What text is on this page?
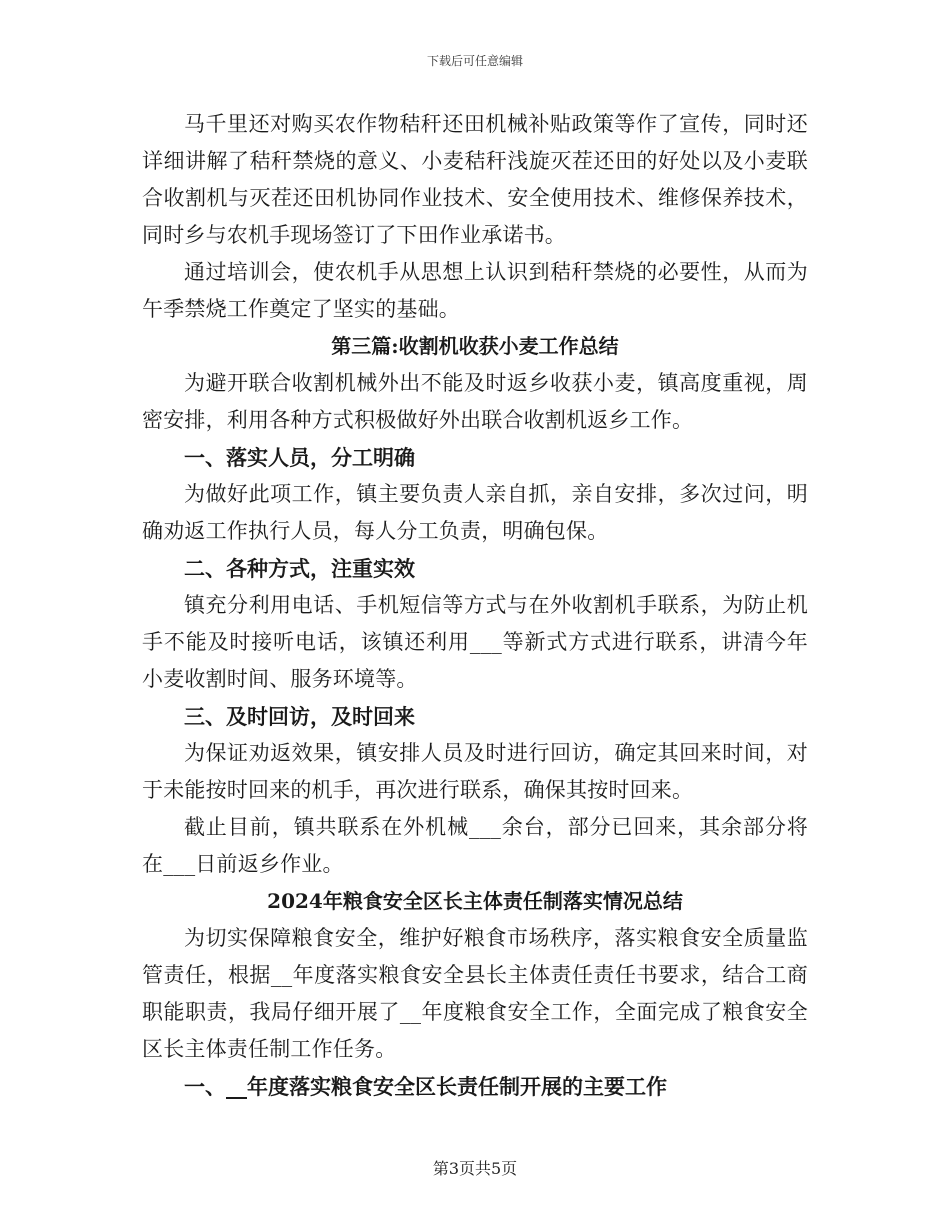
下载后可任意编辑

马千里还对购买农作物秸秆还田机械补贴政策等作了宣传，同时还详细讲解了秸秆禁烧的意义、小麦秸秆浅旋灭茬还田的好处以及小麦联合收割机与灭茬还田机协同作业技术、安全使用技术、维修保养技术，同时乡与农机手现场签订了下田作业承诺书。

通过培训会，使农机手从思想上认识到秸秆禁烧的必要性，从而为午季禁烧工作奠定了坚实的基础。

第三篇:收割机收获小麦工作总结

为避开联合收割机械外出不能及时返乡收获小麦，镇高度重视，周密安排，利用各种方式积极做好外出联合收割机返乡工作。

一、落实人员，分工明确

为做好此项工作，镇主要负责人亲自抓，亲自安排，多次过问，明确劝返工作执行人员，每人分工负责，明确包保。

二、各种方式，注重实效

镇充分利用电话、手机短信等方式与在外收割机手联系，为防止机手不能及时接听电话，该镇还利用___等新式方式进行联系，讲清今年小麦收割时间、服务环境等。

三、及时回访，及时回来

为保证劝返效果，镇安排人员及时进行回访，确定其回来时间，对于未能按时回来的机手，再次进行联系，确保其按时回来。

截止目前，镇共联系在外机械___余台，部分已回来，其余部分将在___日前返乡作业。

2024年粮食安全区长主体责任制落实情况总结

为切实保障粮食安全，维护好粮食市场秩序，落实粮食安全质量监管责任，根据__年度落实粮食安全县长主体责任责任书要求，结合工商职能职责，我局仔细开展了__年度粮食安全工作，全面完成了粮食安全区长主体责任制工作任务。

一、__年度落实粮食安全区长责任制开展的主要工作

第3页共5页
